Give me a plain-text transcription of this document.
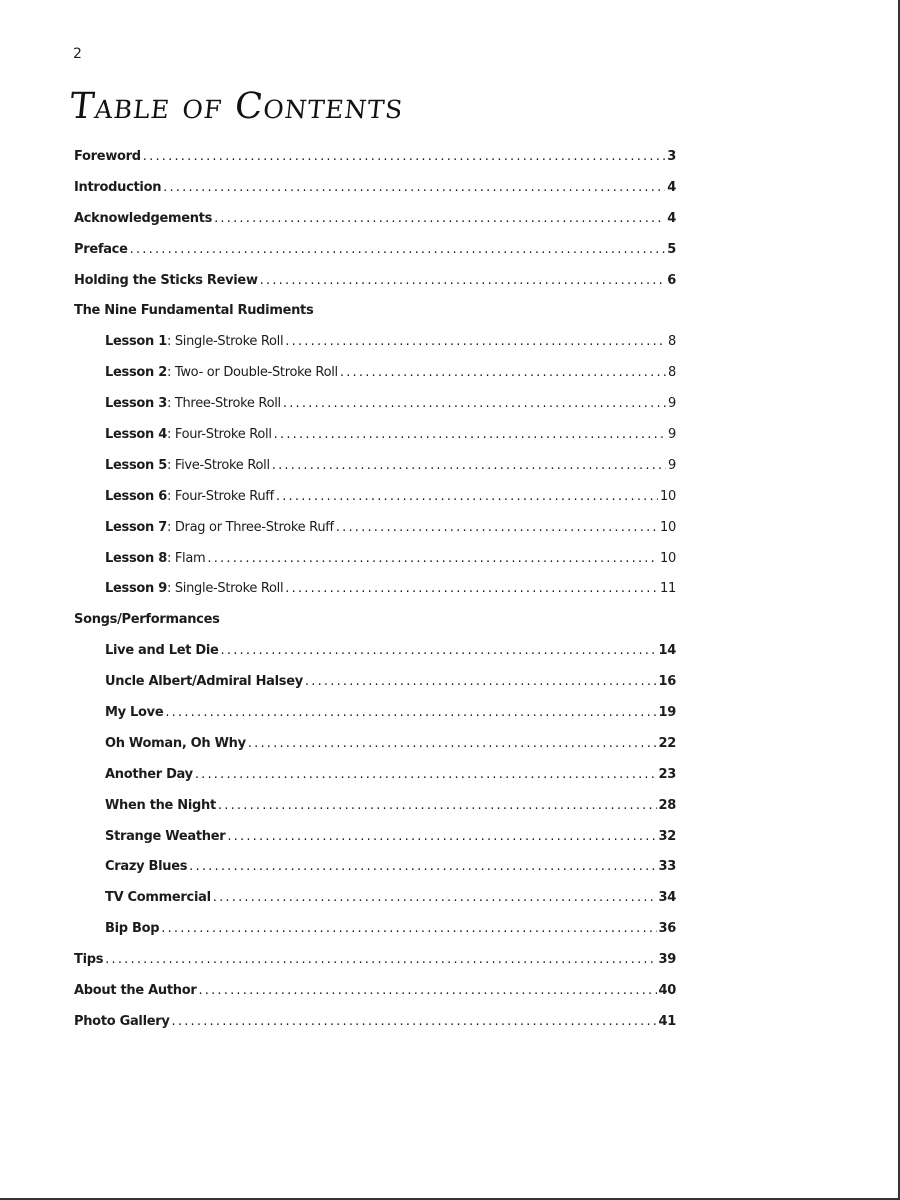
2
Table of Contents
Foreword .....	3
Introduction .....	4
Acknowledgements .....	4
Preface .....	5
Holding the Sticks Review .....	6
The Nine Fundamental Rudiments
Lesson 1: Single-Stroke Roll .....	8
Lesson 2: Two- or Double-Stroke Roll .....	8
Lesson 3: Three-Stroke Roll .....	9
Lesson 4: Four-Stroke Roll .....	9
Lesson 5: Five-Stroke Roll .....	9
Lesson 6: Four-Stroke Ruff .....	10
Lesson 7: Drag or Three-Stroke Ruff .....	10
Lesson 8: Flam .....	10
Lesson 9: Single-Stroke Roll .....	11
Songs/Performances
Live and Let Die .....	14
Uncle Albert/Admiral Halsey .....	16
My Love .....	19
Oh Woman, Oh Why .....	22
Another Day .....	23
When the Night .....	28
Strange Weather .....	32
Crazy Blues .....	33
TV Commercial .....	34
Bip Bop .....	36
Tips .....	39
About the Author .....	40
Photo Gallery .....	41
